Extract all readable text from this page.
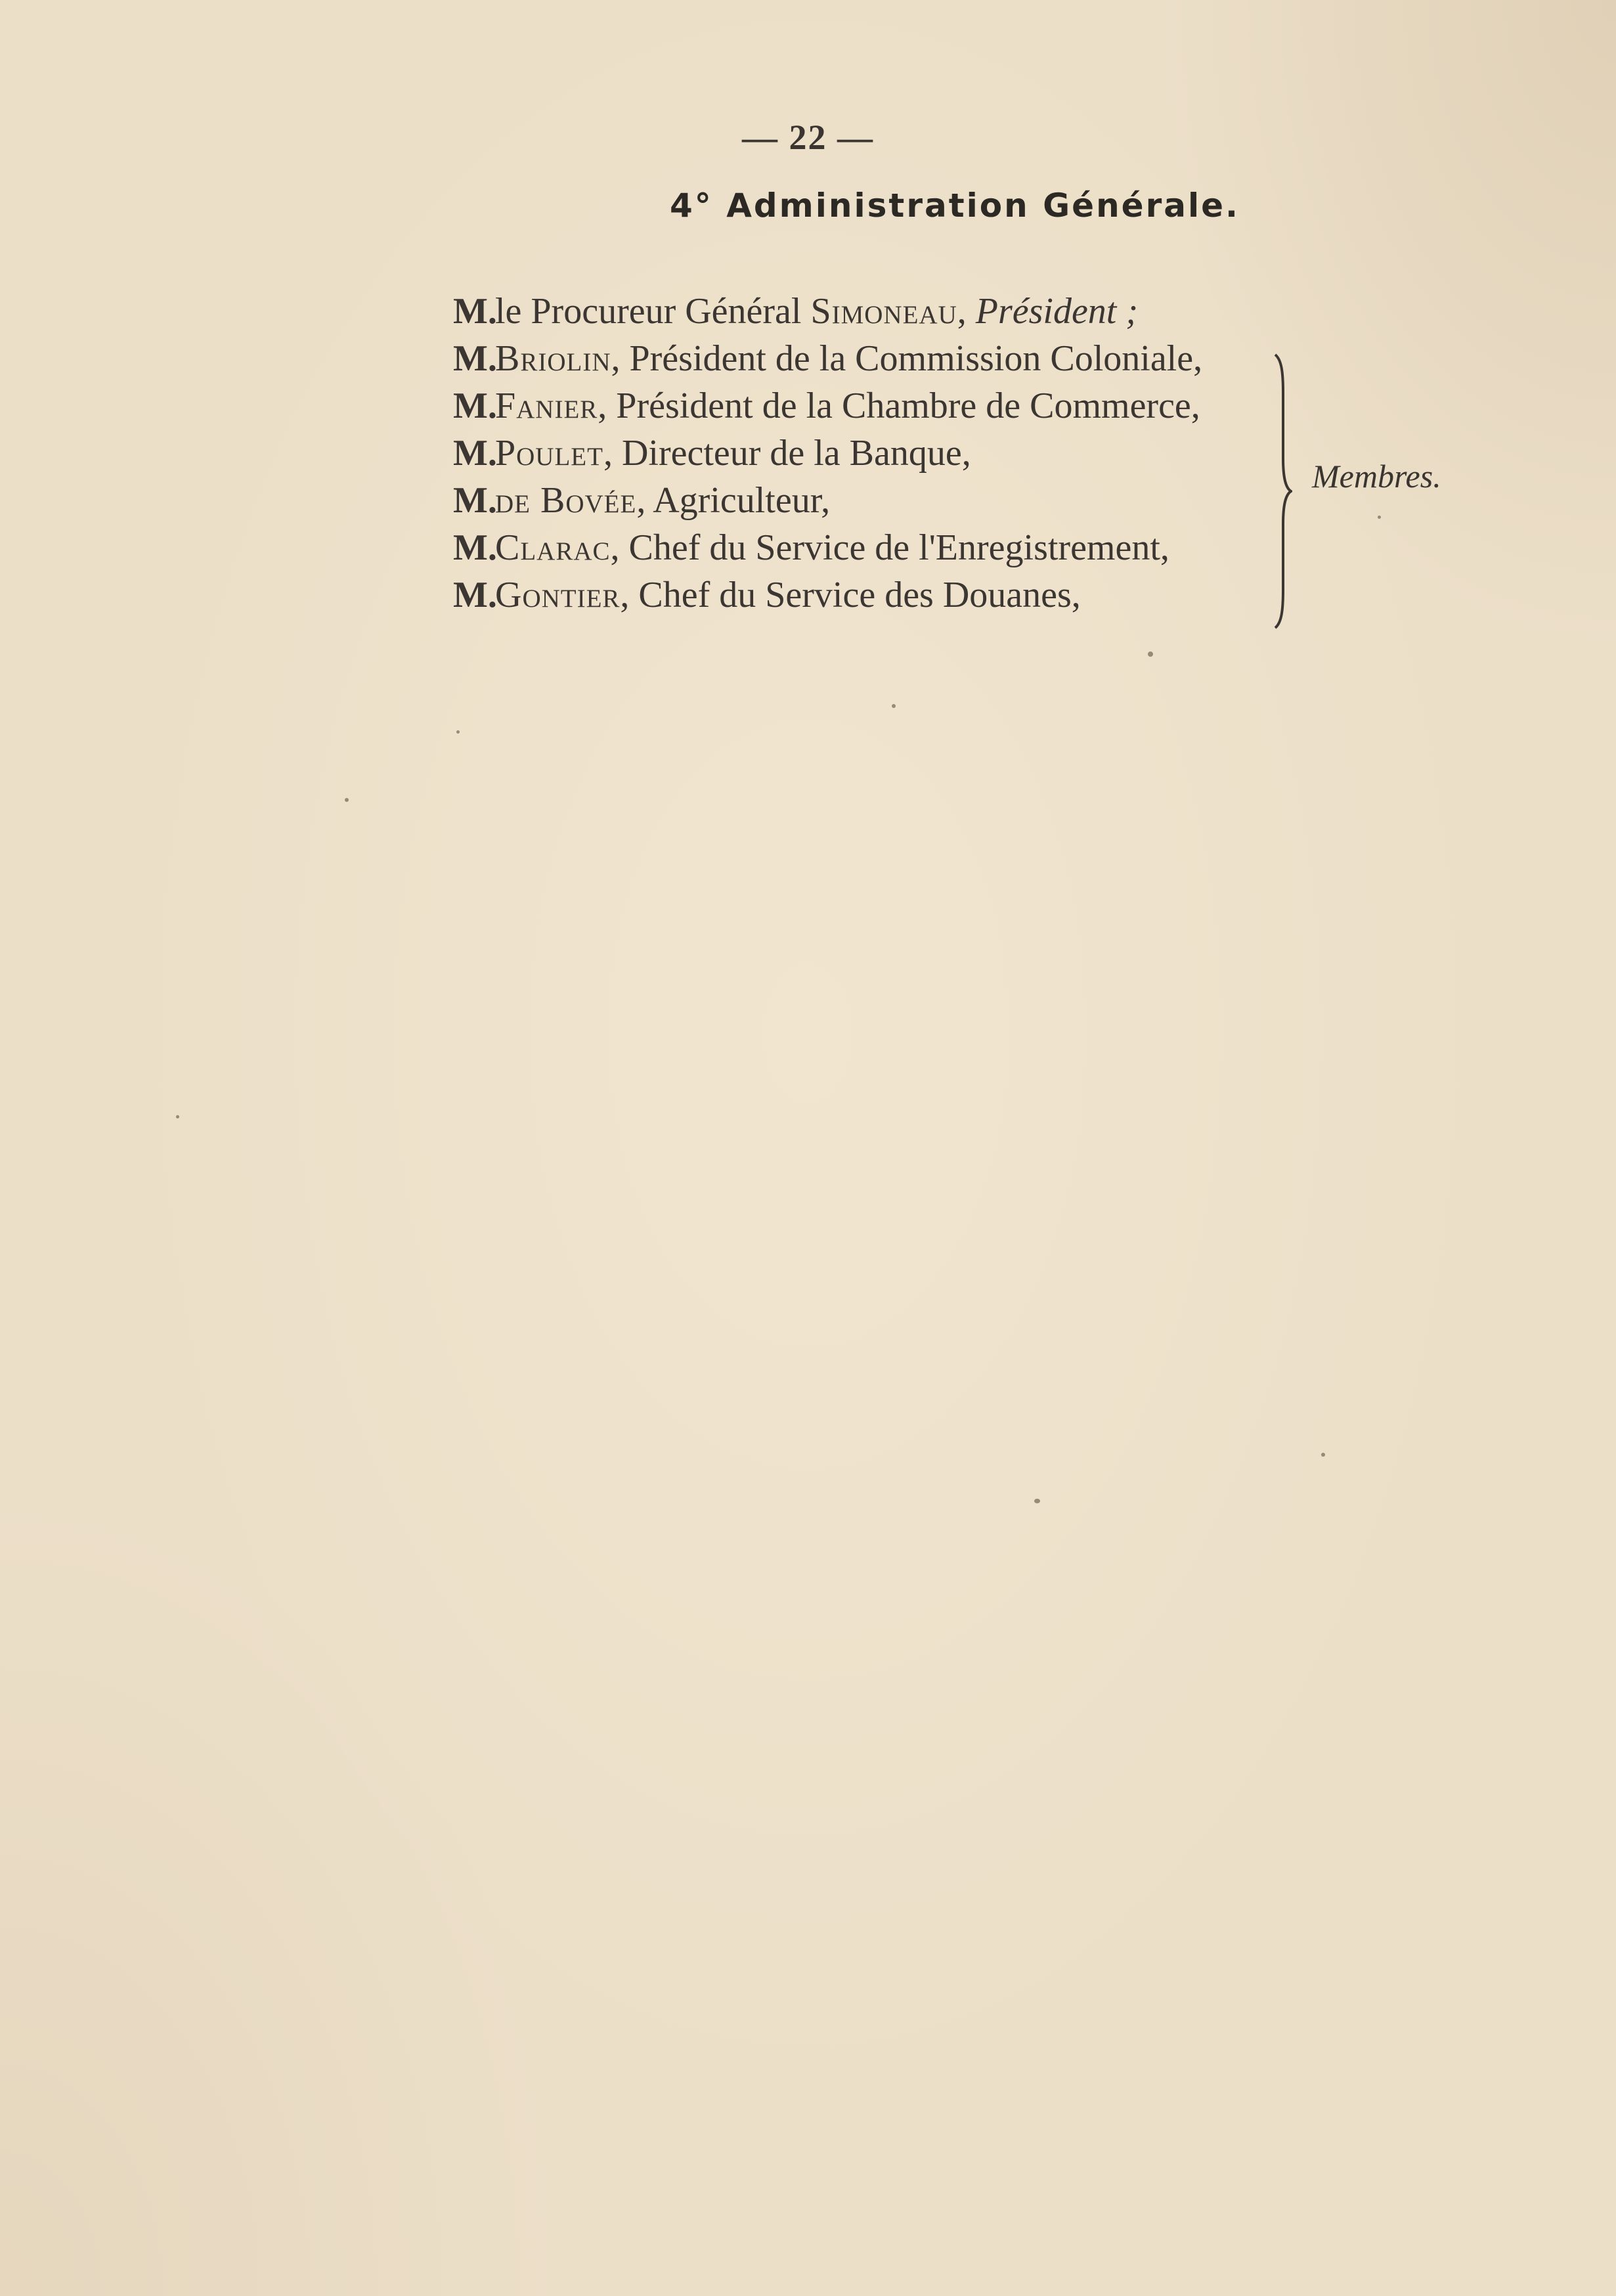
— 22 —
4° Administration Générale.
M.le Procureur Général Simoneau, Président ;
M.Briolin, Président de la Commission Coloniale,
M.Fanier, Président de la Chambre de Commerce,
M.Poulet, Directeur de la Banque,
M.de Bovée, Agriculteur,
M.Clarac, Chef du Service de l'Enregistrement,
M.Gontier, Chef du Service des Douanes,
Membres.
